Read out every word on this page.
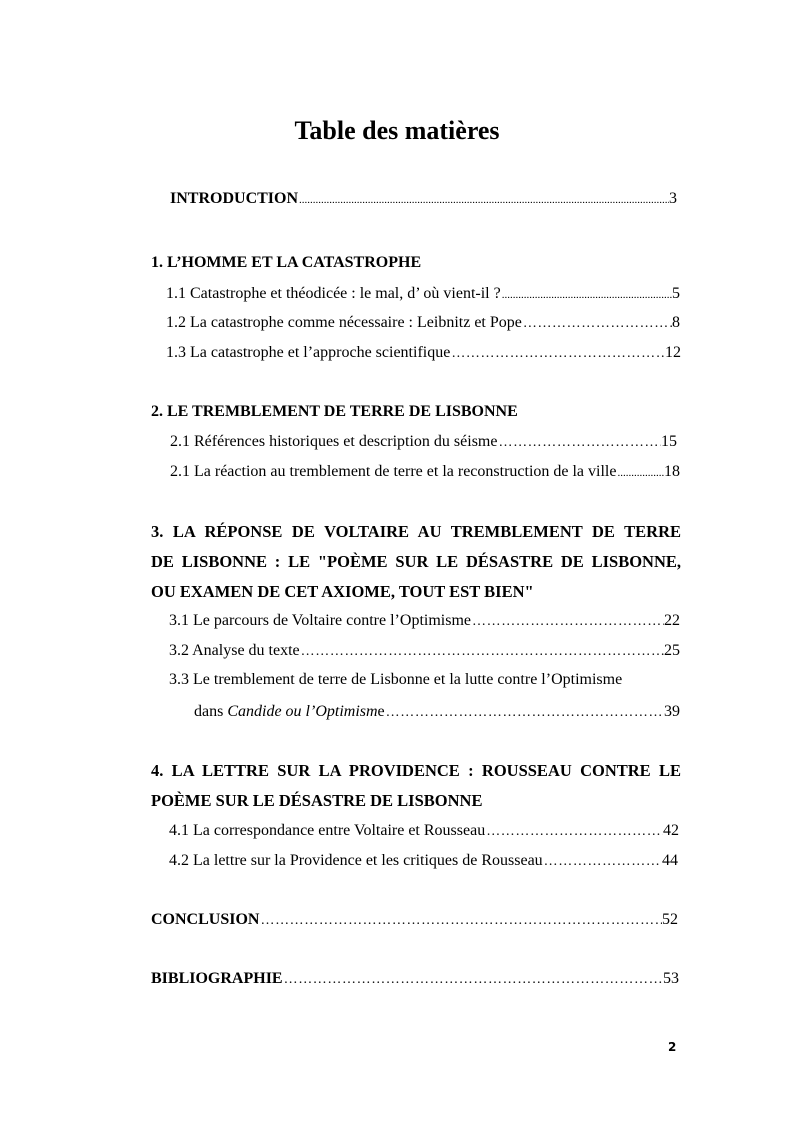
Table des matières
INTRODUCTION .....	3
1. L’HOMME ET LA CATASTROPHE
1.1 Catastrophe et théodicée : le mal, d’ où vient-il ? .....	5
1.2 La catastrophe comme nécessaire : Leibnitz et Pope ……………………………………………………………………………………………………………………………………………………………………	8
1.3 La catastrophe et l’approche scientifique ……………………………………………………………………………………………………………………………………………………………………	12
2. LE TREMBLEMENT DE TERRE DE LISBONNE
2.1 Références historiques et description du séisme ……………………………………………………………………………………………………………………………………………………………………	15
2.1 La réaction au tremblement de terre et la reconstruction de la ville .....	18
3. LA RÉPONSE DE VOLTAIRE AU TREMBLEMENT DE TERRE
DE LISBONNE : LE "POÈME SUR LE DÉSASTRE DE LISBONNE,
OU EXAMEN DE CET AXIOME, TOUT EST BIEN"
3.1 Le parcours de Voltaire contre l’Optimisme ……………………………………………………………………………………………………………………………………………………………………	22
3.2 Analyse du texte ……………………………………………………………………………………………………………………………………………………………………	25
3.3 Le tremblement de terre de Lisbonne et la lutte contre l’Optimisme
dans Candide ou l’Optimisme ……………………………………………………………………………………………………………………………………………………………………	39
4. LA LETTRE SUR LA PROVIDENCE : ROUSSEAU CONTRE LE
POÈME SUR LE DÉSASTRE DE LISBONNE
4.1 La correspondance entre Voltaire et Rousseau ……………………………………………………………………………………………………………………………………………………………………	42
4.2 La lettre sur la Providence et les critiques de Rousseau ……………………………………………………………………………………………………………………………………………………………………	44
CONCLUSION ……………………………………………………………………………………………………………………………………………………………………	52
BIBLIOGRAPHIE ……………………………………………………………………………………………………………………………………………………………………	53
2
